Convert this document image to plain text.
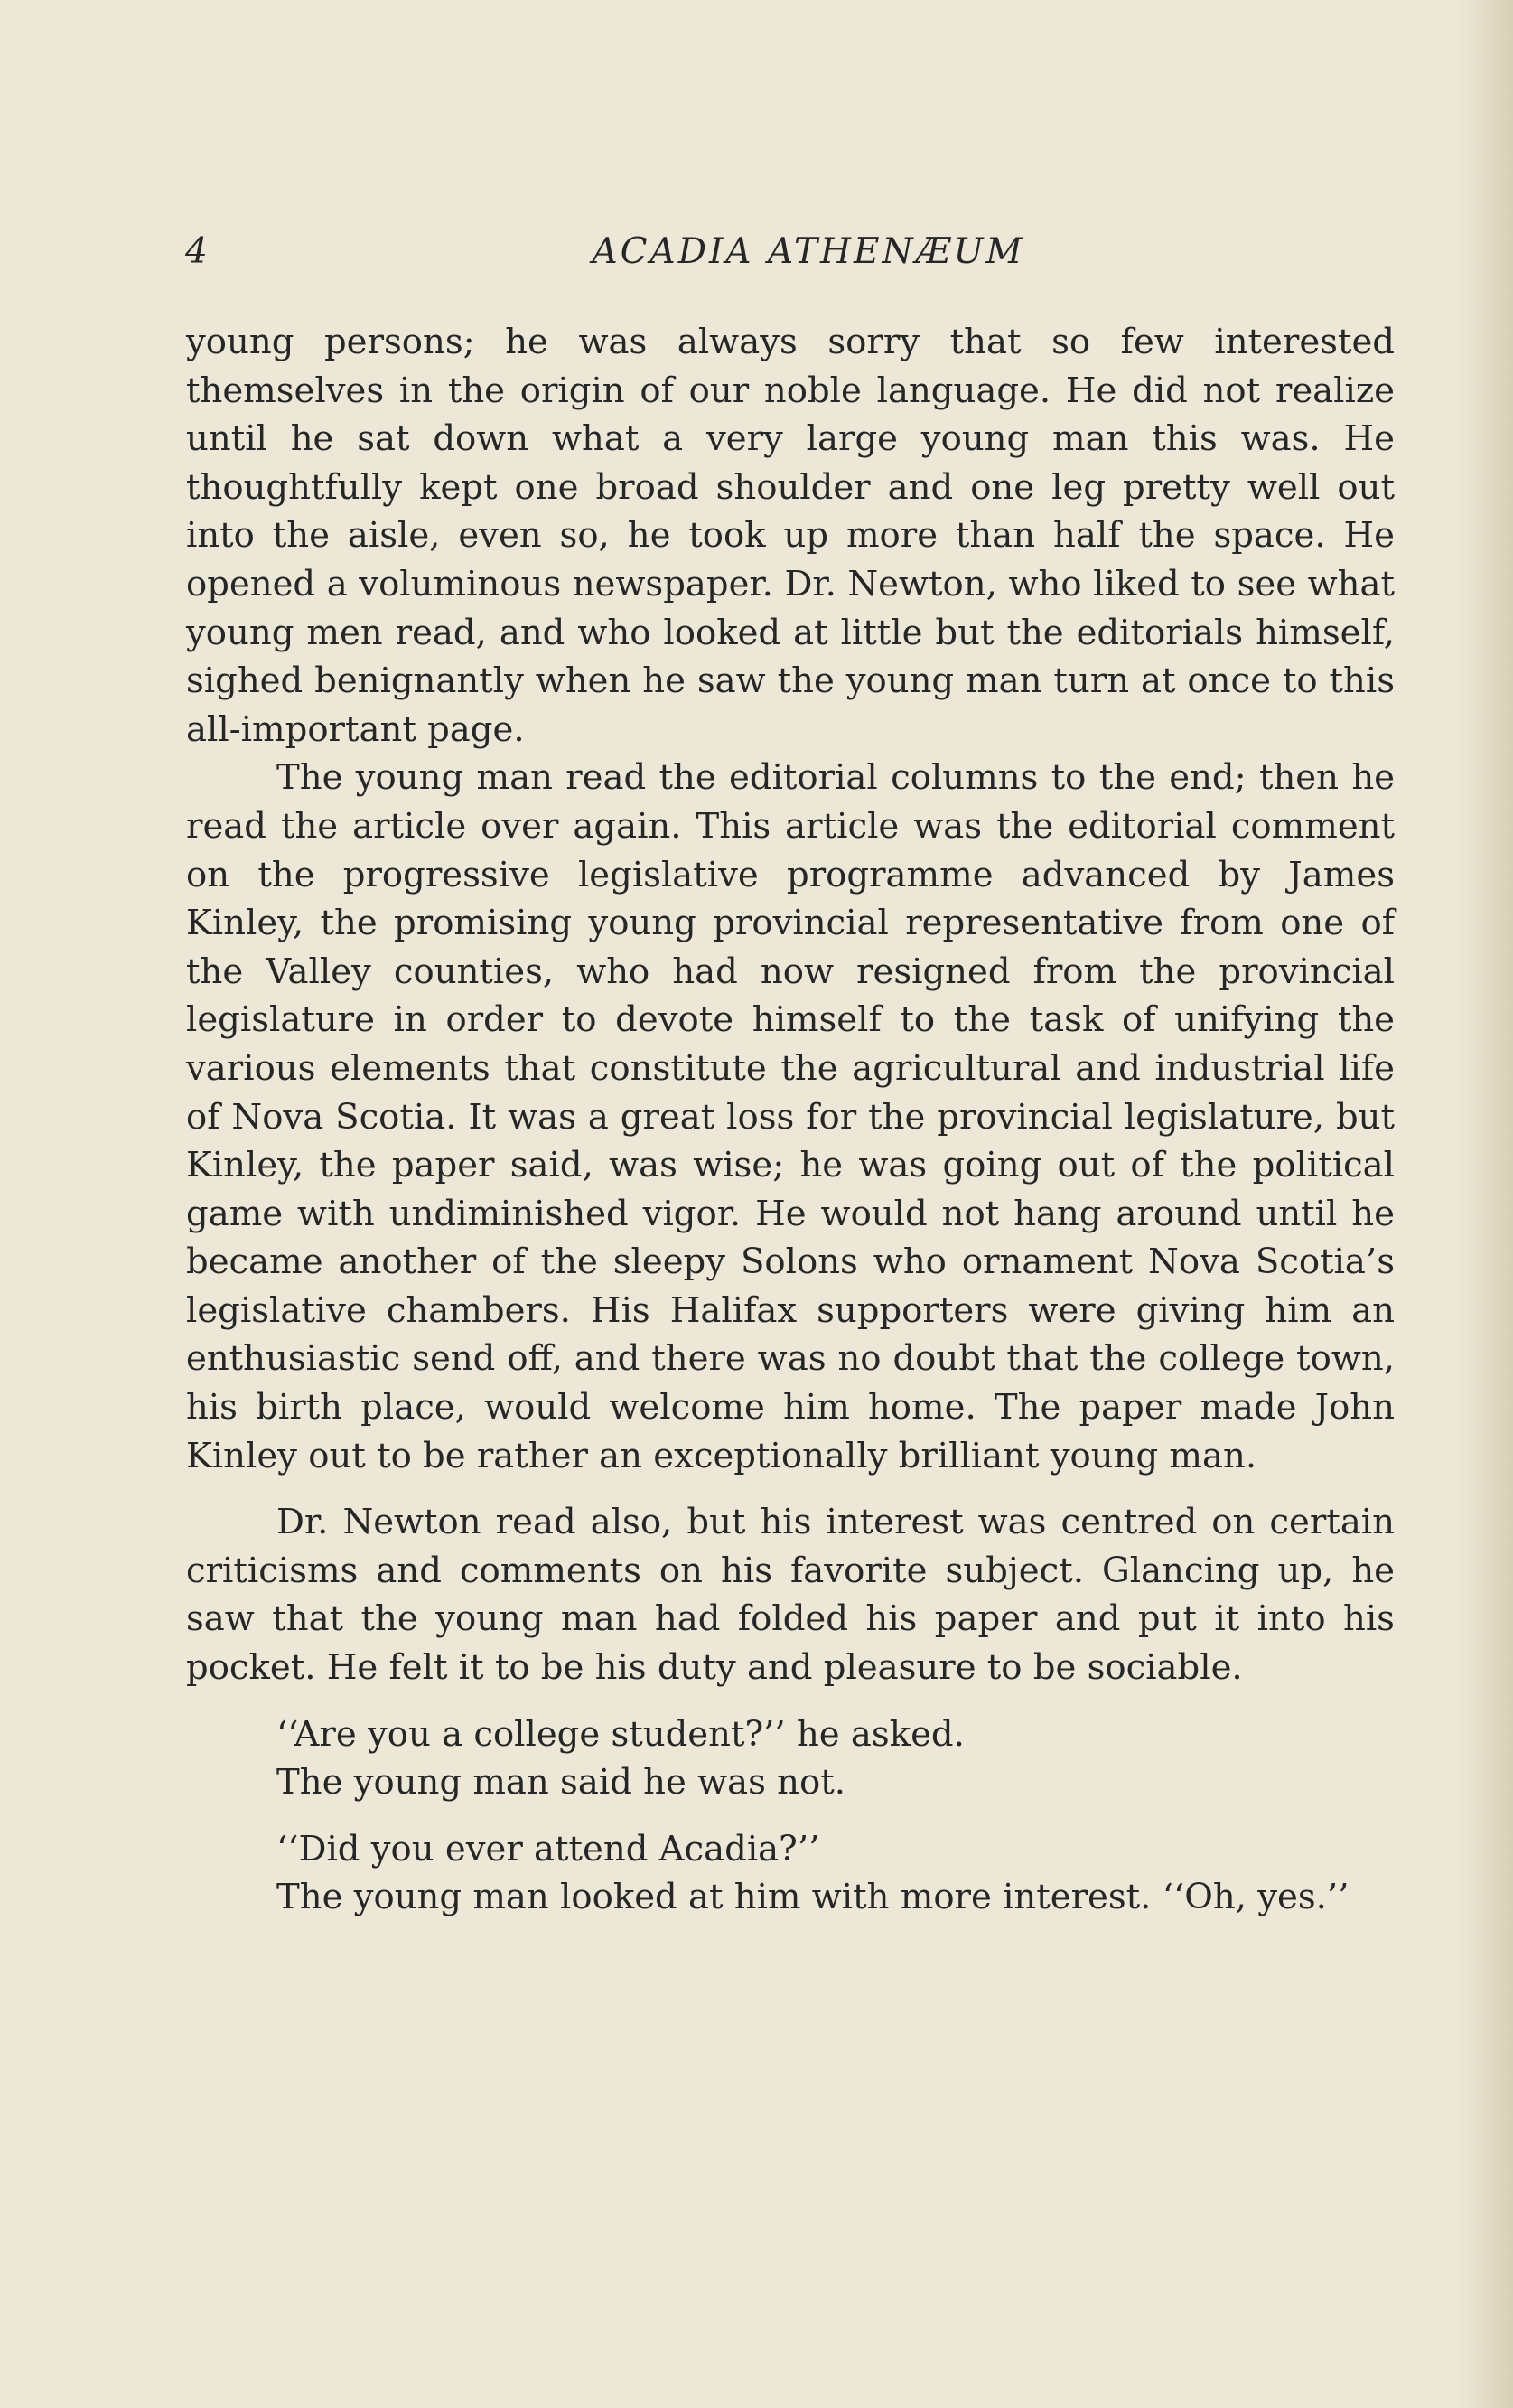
4	ACADIA ATHENÆUM

young persons; he was always sorry that so few interested themselves in the origin of our noble language. He did not realize until he sat down what a very large young man this was. He thoughtfully kept one broad shoulder and one leg pretty well out into the aisle, even so, he took up more than half the space. He opened a voluminous newspaper. Dr. Newton, who liked to see what young men read, and who looked at little but the editorials himself, sighed benignantly when he saw the young man turn at once to this all-important page.

The young man read the editorial columns to the end; then he read the article over again. This article was the editorial comment on the progressive legislative programme advanced by James Kinley, the promising young provincial representative from one of the Valley counties, who had now resigned from the provincial legislature in order to devote himself to the task of unifying the various elements that constitute the agricultural and industrial life of Nova Scotia. It was a great loss for the provincial legislature, but Kinley, the paper said, was wise; he was going out of the political game with undiminished vigor. He would not hang around until he became another of the sleepy Solons who ornament Nova Scotia’s legislative chambers. His Halifax supporters were giving him an enthusiastic send off, and there was no doubt that the college town, his birth place, would welcome him home. The paper made John Kinley out to be rather an exceptionally brilliant young man.

Dr. Newton read also, but his interest was centred on certain criticisms and comments on his favorite subject. Glancing up, he saw that the young man had folded his paper and put it into his pocket. He felt it to be his duty and pleasure to be sociable.

‘‘Are you a college student?’’ he asked.

The young man said he was not.

‘‘Did you ever attend Acadia?’’

The young man looked at him with more interest. ‘‘Oh, yes.’’
